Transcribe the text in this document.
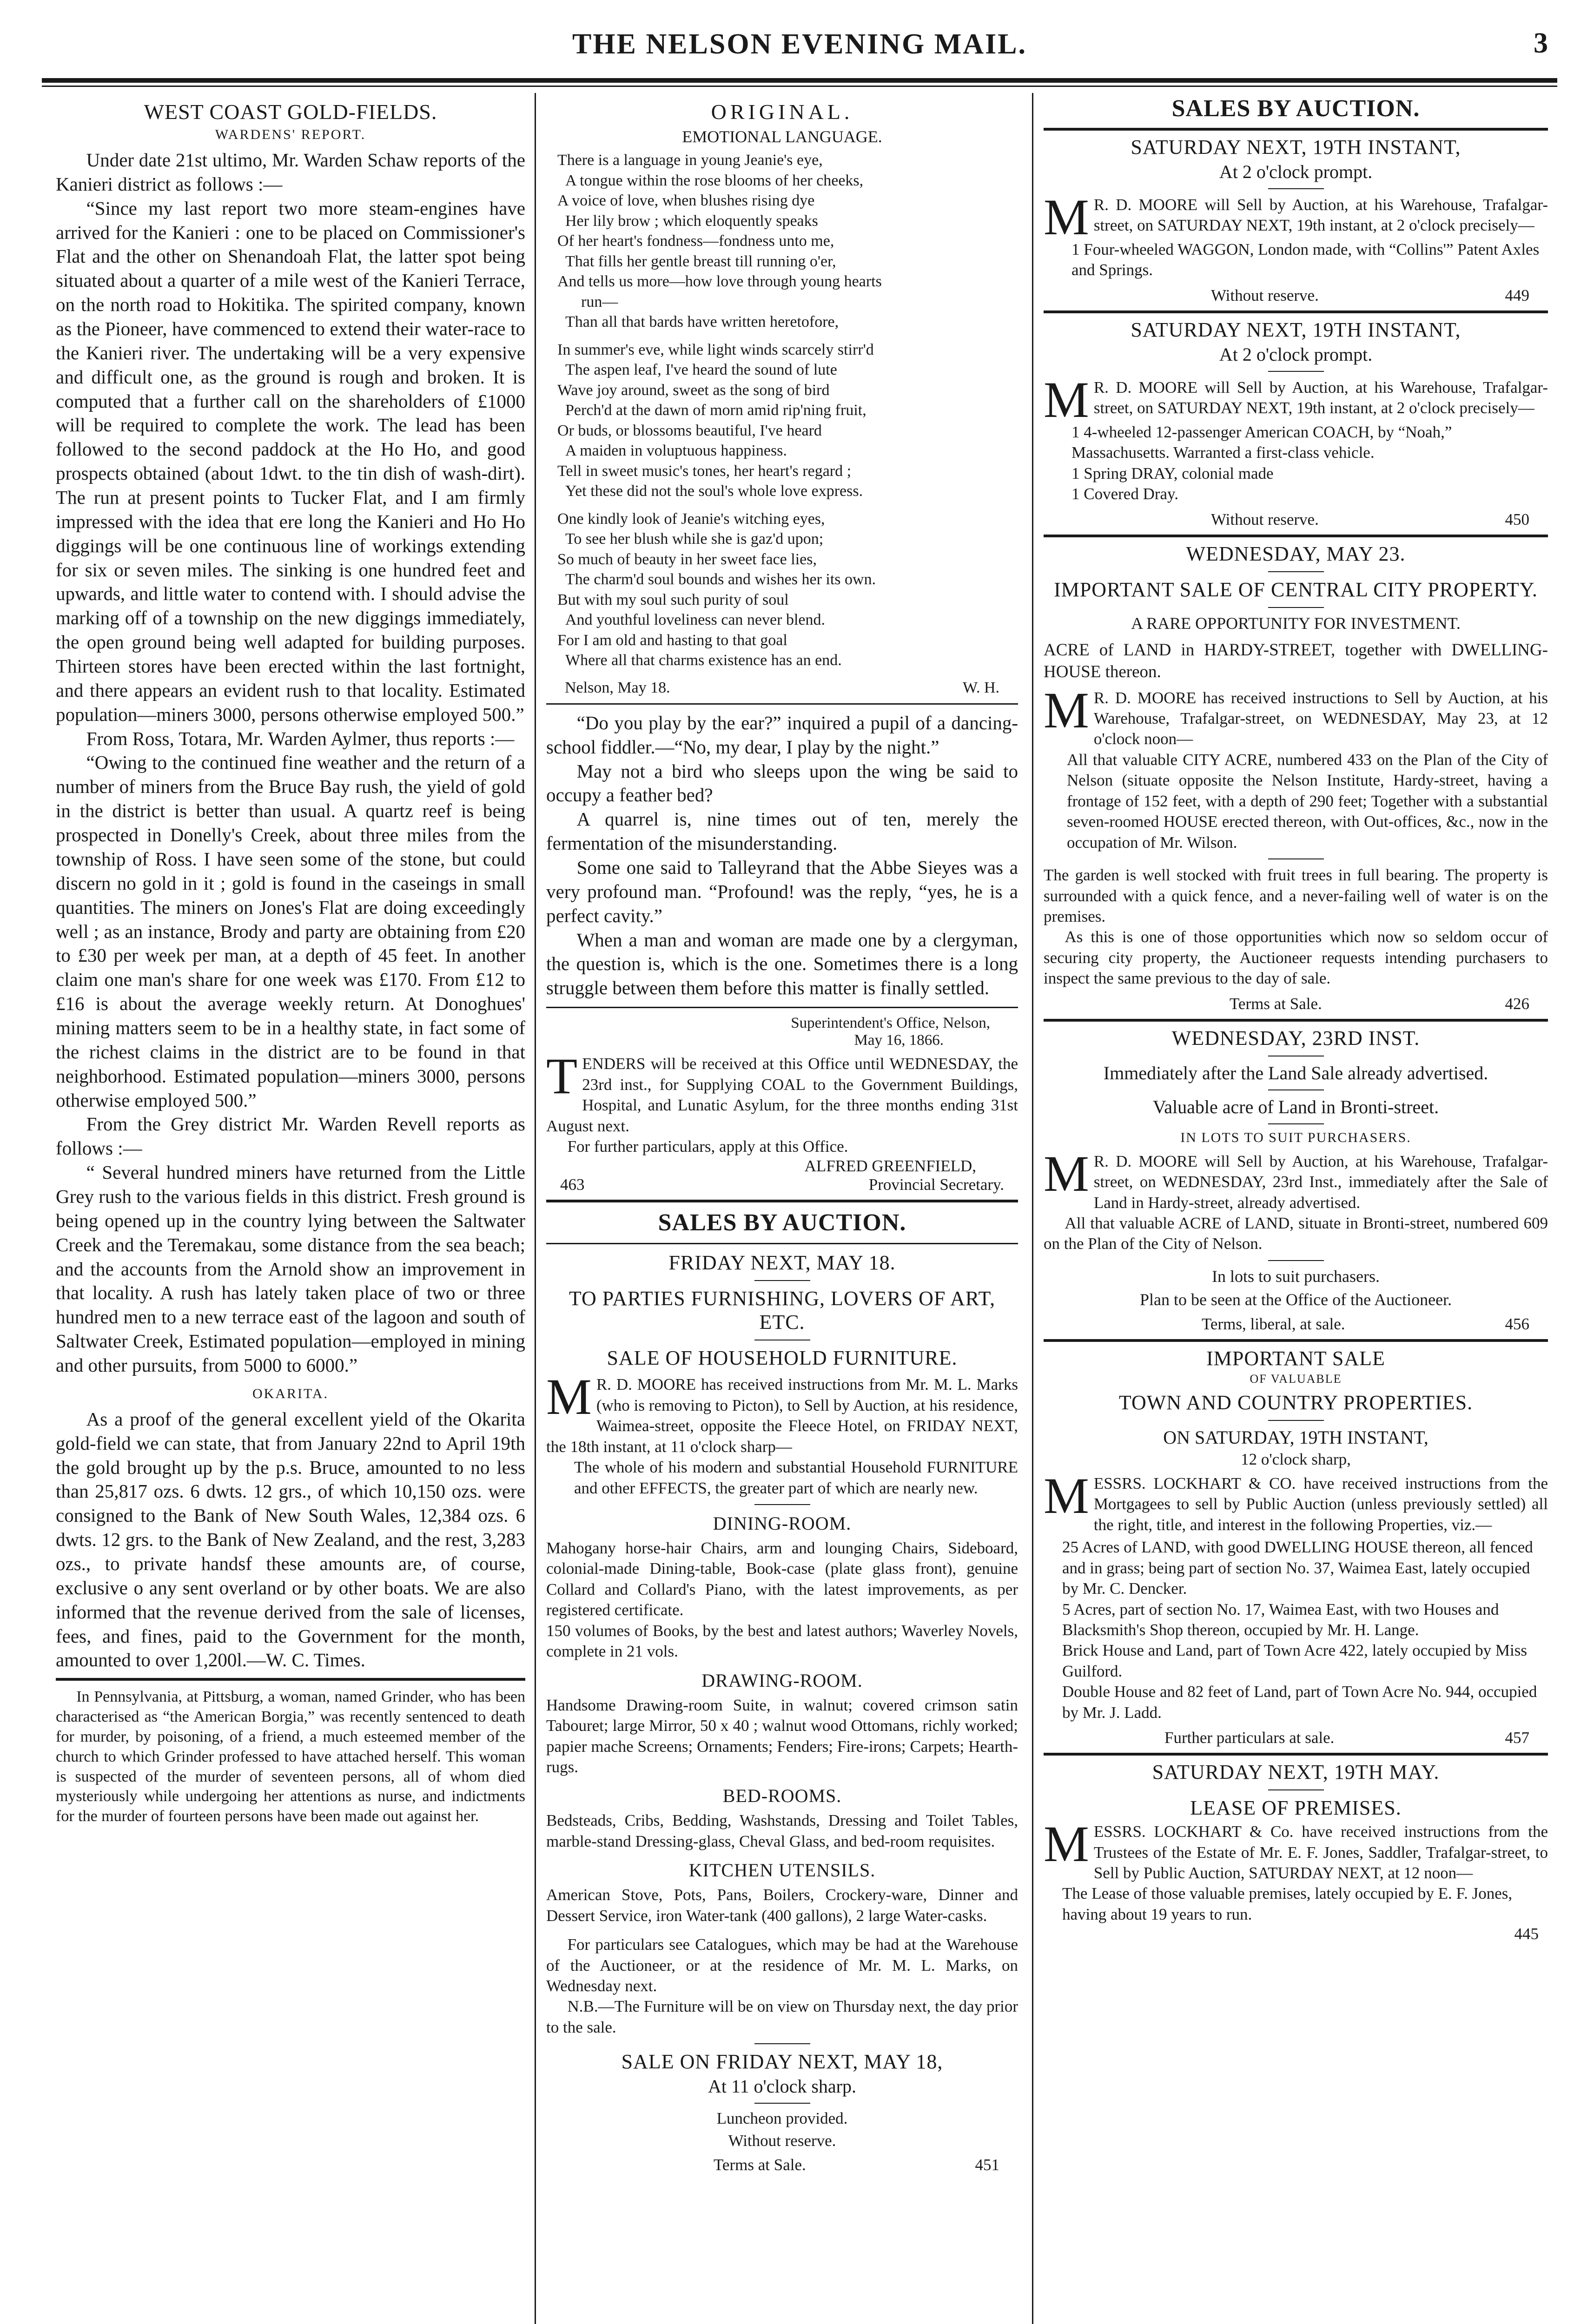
THE NELSON EVENING MAIL.	3
WEST COAST GOLD-FIELDS.
WARDENS' REPORT.

Under date 21st ultimo, Mr. Warden Schaw reports of the Kanieri district as follows :—

“Since my last report two more steam-engines have arrived for the Kanieri : one to be placed on Commissioner's Flat and the other on Shenandoah Flat, the latter spot being situated about a quarter of a mile west of the Kanieri Terrace, on the north road to Hokitika. The spirited company, known as the Pioneer, have commenced to extend their water-race to the Kanieri river. The undertaking will be a very expensive and difficult one, as the ground is rough and broken. It is computed that a further call on the shareholders of £1000 will be required to complete the work. The lead has been followed to the second paddock at the Ho Ho, and good prospects obtained (about 1dwt. to the tin dish of wash-dirt). The run at present points to Tucker Flat, and I am firmly impressed with the idea that ere long the Kanieri and Ho Ho diggings will be one continuous line of workings extending for six or seven miles. The sinking is one hundred feet and upwards, and little water to contend with. I should advise the marking off of a township on the new diggings immediately, the open ground being well adapted for building purposes. Thirteen stores have been erected within the last fortnight, and there appears an evident rush to that locality. Estimated population—miners 3000, persons otherwise employed 500.”

From Ross, Totara, Mr. Warden Aylmer, thus reports :—

“Owing to the continued fine weather and the return of a number of miners from the Bruce Bay rush, the yield of gold in the district is better than usual. A quartz reef is being prospected in Donelly's Creek, about three miles from the township of Ross. I have seen some of the stone, but could discern no gold in it ; gold is found in the caseings in small quantities. The miners on Jones's Flat are doing exceedingly well ; as an instance, Brody and party are obtaining from £20 to £30 per week per man, at a depth of 45 feet. In another claim one man's share for one week was £170. From £12 to £16 is about the average weekly return. At Donoghues' mining matters seem to be in a healthy state, in fact some of the richest claims in the district are to be found in that neighborhood. Estimated population—miners 3000, persons otherwise employed 500.”

From the Grey district Mr. Warden Revell reports as follows :—

“ Several hundred miners have returned from the Little Grey rush to the various fields in this district. Fresh ground is being opened up in the country lying between the Saltwater Creek and the Teremakau, some distance from the sea beach; and the accounts from the Arnold show an improvement in that locality. A rush has lately taken place of two or three hundred men to a new terrace east of the lagoon and south of Saltwater Creek, Estimated population—employed in mining and other pursuits, from 5000 to 6000.”

OKARITA.

As a proof of the general excellent yield of the Okarita gold-field we can state, that from January 22nd to April 19th the gold brought up by the p.s. Bruce, amounted to no less than 25,817 ozs. 6 dwts. 12 grs., of which 10,150 ozs. were consigned to the Bank of New South Wales, 12,384 ozs. 6 dwts. 12 grs. to the Bank of New Zealand, and the rest, 3,283 ozs., to private handsf these amounts are, of course, exclusive o any sent overland or by other boats. We are also informed that the revenue derived from the sale of licenses, fees, and fines, paid to the Government for the month, amounted to over 1,200l.—W. C. Times.

In Pennsylvania, at Pittsburg, a woman, named Grinder, who has been characterised as “the American Borgia,” was recently sentenced to death for murder, by poisoning, of a friend, a much esteemed member of the church to which Grinder professed to have attached herself. This woman is suspected of the murder of seventeen persons, all of whom died mysteriously while undergoing her attentions as nurse, and indictments for the murder of fourteen persons have been made out against her.

ORIGINAL.
EMOTIONAL LANGUAGE.
There is a language in young Jeanie's eye,
A tongue within the rose blooms of her cheeks,
A voice of love, when blushes rising dye
Her lily brow ; which eloquently speaks
Of her heart's fondness—fondness unto me,
That fills her gentle breast till running o'er,
And tells us more—how love through young hearts
run—
Than all that bards have written heretofore,
In summer's eve, while light winds scarcely stirr'd
The aspen leaf, I've heard the sound of lute
Wave joy around, sweet as the song of bird
Perch'd at the dawn of morn amid rip'ning fruit,
Or buds, or blossoms beautiful, I've heard
A maiden in voluptuous happiness.
Tell in sweet music's tones, her heart's regard ;
Yet these did not the soul's whole love express.
One kindly look of Jeanie's witching eyes,
To see her blush while she is gaz'd upon;
So much of beauty in her sweet face lies,
The charm'd soul bounds and wishes her its own.
But with my soul such purity of soul
And youthful loveliness can never blend.
For I am old and hasting to that goal
Where all that charms existence has an end.
Nelson, May 18.	W. H.

“Do you play by the ear?” inquired a pupil of a dancing-school fiddler.—“No, my dear, I play by the night.”

May not a bird who sleeps upon the wing be said to occupy a feather bed?

A quarrel is, nine times out of ten, merely the fermentation of the misunderstanding.

Some one said to Talleyrand that the Abbe Sieyes was a very profound man. “Profound! was the reply, “yes, he is a perfect cavity.”

When a man and woman are made one by a clergyman, the question is, which is the one. Sometimes there is a long struggle between them before this matter is finally settled.

Superintendent's Office, Nelson,
May 16, 1866.
TENDERS will be received at this Office until WEDNESDAY, the 23rd inst., for Supplying COAL to the Government Buildings, Hospital, and Lunatic Asylum, for the three months ending 31st August next.
For further particulars, apply at this Office.
ALFRED GREENFIELD,
463	Provincial Secretary.
SALES BY AUCTION.
FRIDAY NEXT, MAY 18.
TO PARTIES FURNISHING, LOVERS OF ART, ETC.
SALE OF HOUSEHOLD FURNITURE.
M R. D. MOORE has received instructions from Mr. M. L. Marks (who is removing to Picton), to Sell by Auction, at his residence, Waimea-street, opposite the Fleece Hotel, on FRIDAY NEXT, the 18th instant, at 11 o'clock sharp—
The whole of his modern and substantial Household FURNITURE and other EFFECTS, the greater part of which are nearly new.
DINING-ROOM.
Mahogany horse-hair Chairs, arm and lounging Chairs, Sideboard, colonial-made Dining-table, Book-case (plate glass front), genuine Collard and Collard's Piano, with the latest improvements, as per registered certificate.
150 volumes of Books, by the best and latest authors; Waverley Novels, complete in 21 vols.
DRAWING-ROOM.
Handsome Drawing-room Suite, in walnut; covered crimson satin Tabouret; large Mirror, 50 x 40 ; walnut wood Ottomans, richly worked; papier mache Screens; Ornaments; Fenders; Fire-irons; Carpets; Hearth-rugs.
BED-ROOMS.
Bedsteads, Cribs, Bedding, Washstands, Dressing and Toilet Tables, marble-stand Dressing-glass, Cheval Glass, and bed-room requisites.
KITCHEN UTENSILS.
American Stove, Pots, Pans, Boilers, Crockery-ware, Dinner and Dessert Service, iron Water-tank (400 gallons), 2 large Water-casks.
For particulars see Catalogues, which may be had at the Warehouse of the Auctioneer, or at the residence of Mr. M. L. Marks, on Wednesday next.
N.B.—The Furniture will be on view on Thursday next, the day prior to the sale.
SALE ON FRIDAY NEXT, MAY 18,
At 11 o'clock sharp.
Luncheon provided.
Without reserve.
Terms at Sale.	451
SALES BY AUCTION.
SATURDAY NEXT, 19TH INSTANT,
At 2 o'clock prompt.
M R. D. MOORE will Sell by Auction, at his Warehouse, Trafalgar-street, on SATURDAY NEXT, 19th instant, at 2 o'clock precisely—
1 Four-wheeled WAGGON, London made, with “Collins'” Patent Axles and Springs.
Without reserve.	449
SATURDAY NEXT, 19TH INSTANT,
At 2 o'clock prompt.
M R. D. MOORE will Sell by Auction, at his Warehouse, Trafalgar-street, on SATURDAY NEXT, 19th instant, at 2 o'clock precisely—
1 4-wheeled 12-passenger American COACH, by “Noah,” Massachusetts. Warranted a first-class vehicle.
1 Spring DRAY, colonial made
1 Covered Dray.
Without reserve.	450
WEDNESDAY, MAY 23.
IMPORTANT SALE OF CENTRAL CITY PROPERTY.
A RARE OPPORTUNITY FOR INVESTMENT.
ACRE of LAND in HARDY-STREET, together with DWELLING-HOUSE thereon.
M R. D. MOORE has received instructions to Sell by Auction, at his Warehouse, Trafalgar-street, on WEDNESDAY, May 23, at 12 o'clock noon—
All that valuable CITY ACRE, numbered 433 on the Plan of the City of Nelson (situate opposite the Nelson Institute, Hardy-street, having a frontage of 152 feet, with a depth of 290 feet; Together with a substantial seven-roomed HOUSE erected thereon, with Out-offices, &c., now in the occupation of Mr. Wilson.
The garden is well stocked with fruit trees in full bearing. The property is surrounded with a quick fence, and a never-failing well of water is on the premises.
As this is one of those opportunities which now so seldom occur of securing city property, the Auctioneer requests intending purchasers to inspect the same previous to the day of sale.
Terms at Sale.	426
WEDNESDAY, 23RD INST.
Immediately after the Land Sale already advertised.
Valuable acre of Land in Bronti-street.
IN LOTS TO SUIT PURCHASERS.
M R. D. MOORE will Sell by Auction, at his Warehouse, Trafalgar-street, on WEDNESDAY, 23rd Inst., immediately after the Sale of Land in Hardy-street, already advertised.
All that valuable ACRE of LAND, situate in Bronti-street, numbered 609 on the Plan of the City of Nelson.
In lots to suit purchasers.
Plan to be seen at the Office of the Auctioneer.
Terms, liberal, at sale.	456
IMPORTANT SALE
OF VALUABLE
TOWN AND COUNTRY PROPERTIES.
ON SATURDAY, 19TH INSTANT,
12 o'clock sharp,
MESSRS. LOCKHART & CO. have received instructions from the Mortgagees to sell by Public Auction (unless previously settled) all the right, title, and interest in the following Properties, viz.—
25 Acres of LAND, with good DWELLING HOUSE thereon, all fenced and in grass; being part of section No. 37, Waimea East, lately occupied by Mr. C. Dencker.
5 Acres, part of section No. 17, Waimea East, with two Houses and Blacksmith's Shop thereon, occupied by Mr. H. Lange.
Brick House and Land, part of Town Acre 422, lately occupied by Miss Guilford.
Double House and 82 feet of Land, part of Town Acre No. 944, occupied by Mr. J. Ladd.
Further particulars at sale.	457
SATURDAY NEXT, 19TH MAY.
LEASE OF PREMISES.
MESSRS. LOCKHART & Co. have received instructions from the Trustees of the Estate of Mr. E. F. Jones, Saddler, Trafalgar-street, to Sell by Public Auction, SATURDAY NEXT, at 12 noon—
The Lease of those valuable premises, lately occupied by E. F. Jones, having about 19 years to run.
445
